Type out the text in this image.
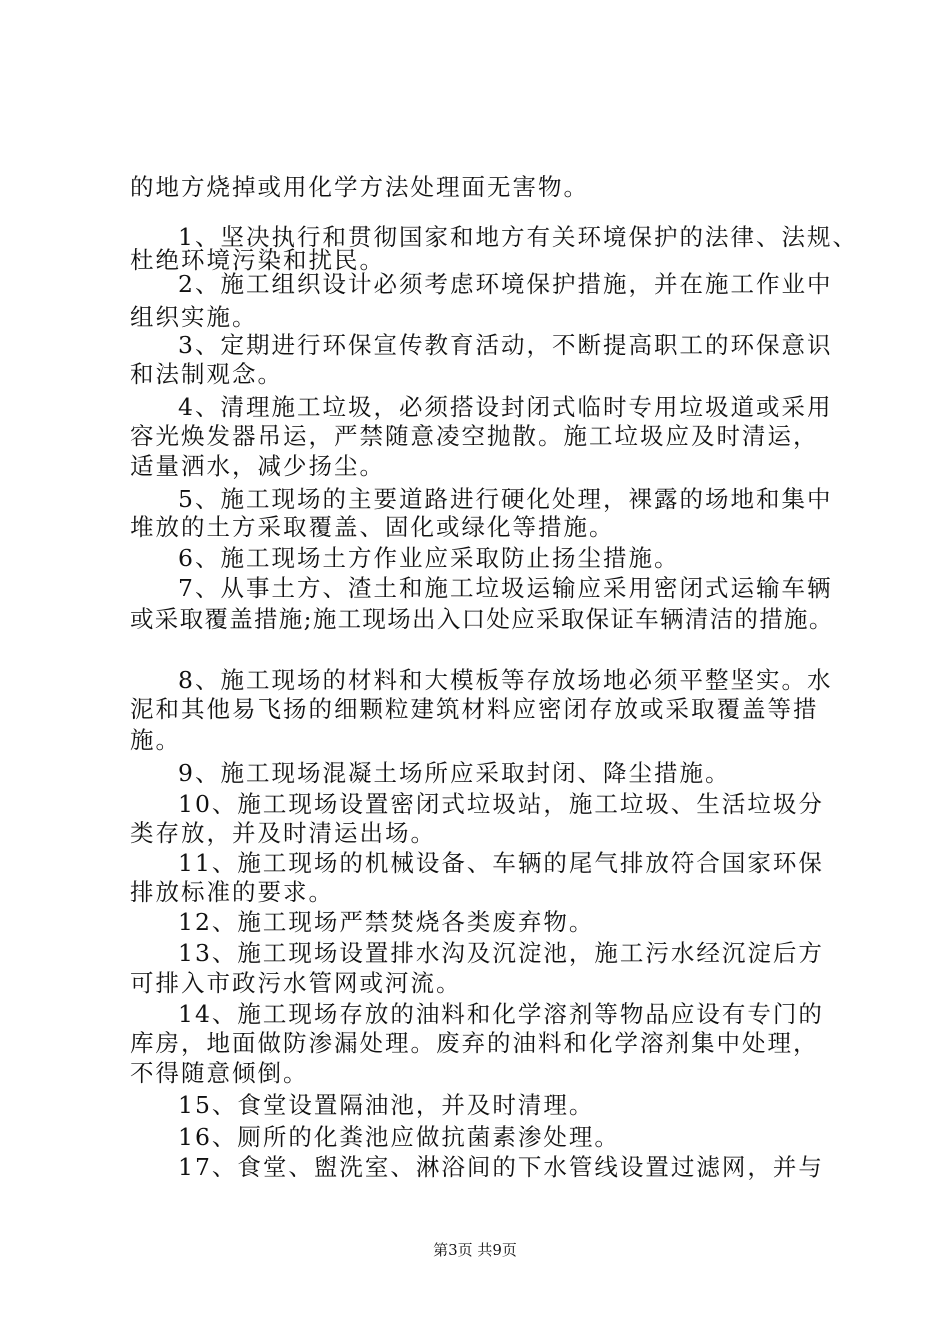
的地方烧掉或用化学方法处理面无害物。
1、坚决执行和贯彻国家和地方有关环境保护的法律、法规、
杜绝环境污染和扰民。
2、施工组织设计必须考虑环境保护措施，并在施工作业中
组织实施。
3、定期进行环保宣传教育活动，不断提高职工的环保意识
和法制观念。
4、清理施工垃圾，必须搭设封闭式临时专用垃圾道或采用
容光焕发器吊运，严禁随意凌空抛散。施工垃圾应及时清运，
适量洒水，减少扬尘。
5、施工现场的主要道路进行硬化处理，裸露的场地和集中
堆放的土方采取覆盖、固化或绿化等措施。
6、施工现场土方作业应采取防止扬尘措施。
7、从事土方、渣土和施工垃圾运输应采用密闭式运输车辆
或采取覆盖措施;施工现场出入口处应采取保证车辆清洁的措施。
8、施工现场的材料和大模板等存放场地必须平整坚实。水
泥和其他易飞扬的细颗粒建筑材料应密闭存放或采取覆盖等措
施。
9、施工现场混凝土场所应采取封闭、降尘措施。
10、施工现场设置密闭式垃圾站，施工垃圾、生活垃圾分
类存放，并及时清运出场。
11、施工现场的机械设备、车辆的尾气排放符合国家环保
排放标准的要求。
12、施工现场严禁焚烧各类废弃物。
13、施工现场设置排水沟及沉淀池，施工污水经沉淀后方
可排入市政污水管网或河流。
14、施工现场存放的油料和化学溶剂等物品应设有专门的
库房，地面做防渗漏处理。废弃的油料和化学溶剂集中处理，
不得随意倾倒。
15、食堂设置隔油池，并及时清理。
16、厕所的化粪池应做抗菌素渗处理。
17、食堂、盥洗室、淋浴间的下水管线设置过滤网，并与
第3页 共9页
